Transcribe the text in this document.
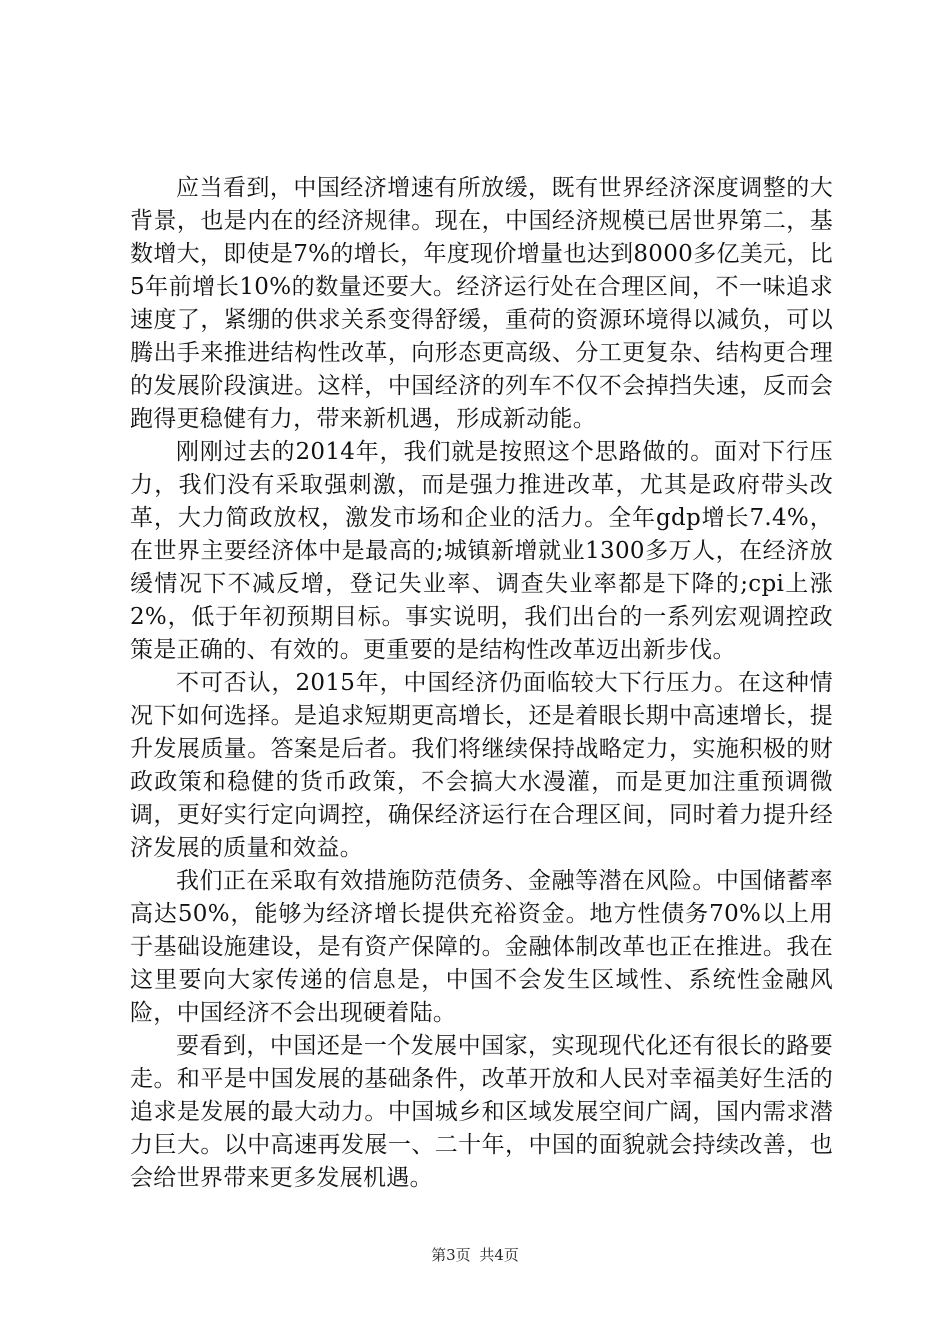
应当看到，中国经济增速有所放缓，既有世界经济深度调整的大背景，也是内在的经济规律。现在，中国经济规模已居世界第二，基数增大，即使是7%的增长，年度现价增量也达到8000多亿美元，比5年前增长10%的数量还要大。经济运行处在合理区间，不一味追求速度了，紧绷的供求关系变得舒缓，重荷的资源环境得以减负，可以腾出手来推进结构性改革，向形态更高级、分工更复杂、结构更合理的发展阶段演进。这样，中国经济的列车不仅不会掉挡失速，反而会跑得更稳健有力，带来新机遇，形成新动能。

刚刚过去的2014年，我们就是按照这个思路做的。面对下行压力，我们没有采取强刺激，而是强力推进改革，尤其是政府带头改革，大力简政放权，激发市场和企业的活力。全年gdp增长7.4%，在世界主要经济体中是最高的;城镇新增就业1300多万人，在经济放缓情况下不减反增，登记失业率、调查失业率都是下降的;cpi上涨2%，低于年初预期目标。事实说明，我们出台的一系列宏观调控政策是正确的、有效的。更重要的是结构性改革迈出新步伐。

不可否认，2015年，中国经济仍面临较大下行压力。在这种情况下如何选择。是追求短期更高增长，还是着眼长期中高速增长，提升发展质量。答案是后者。我们将继续保持战略定力，实施积极的财政政策和稳健的货币政策，不会搞大水漫灌，而是更加注重预调微调，更好实行定向调控，确保经济运行在合理区间，同时着力提升经济发展的质量和效益。

我们正在采取有效措施防范债务、金融等潜在风险。中国储蓄率高达50%，能够为经济增长提供充裕资金。地方性债务70%以上用于基础设施建设，是有资产保障的。金融体制改革也正在推进。我在这里要向大家传递的信息是，中国不会发生区域性、系统性金融风险，中国经济不会出现硬着陆。

要看到，中国还是一个发展中国家，实现现代化还有很长的路要走。和平是中国发展的基础条件，改革开放和人民对幸福美好生活的追求是发展的最大动力。中国城乡和区域发展空间广阔，国内需求潜力巨大。以中高速再发展一、二十年，中国的面貌就会持续改善，也会给世界带来更多发展机遇。

第3页 共4页
